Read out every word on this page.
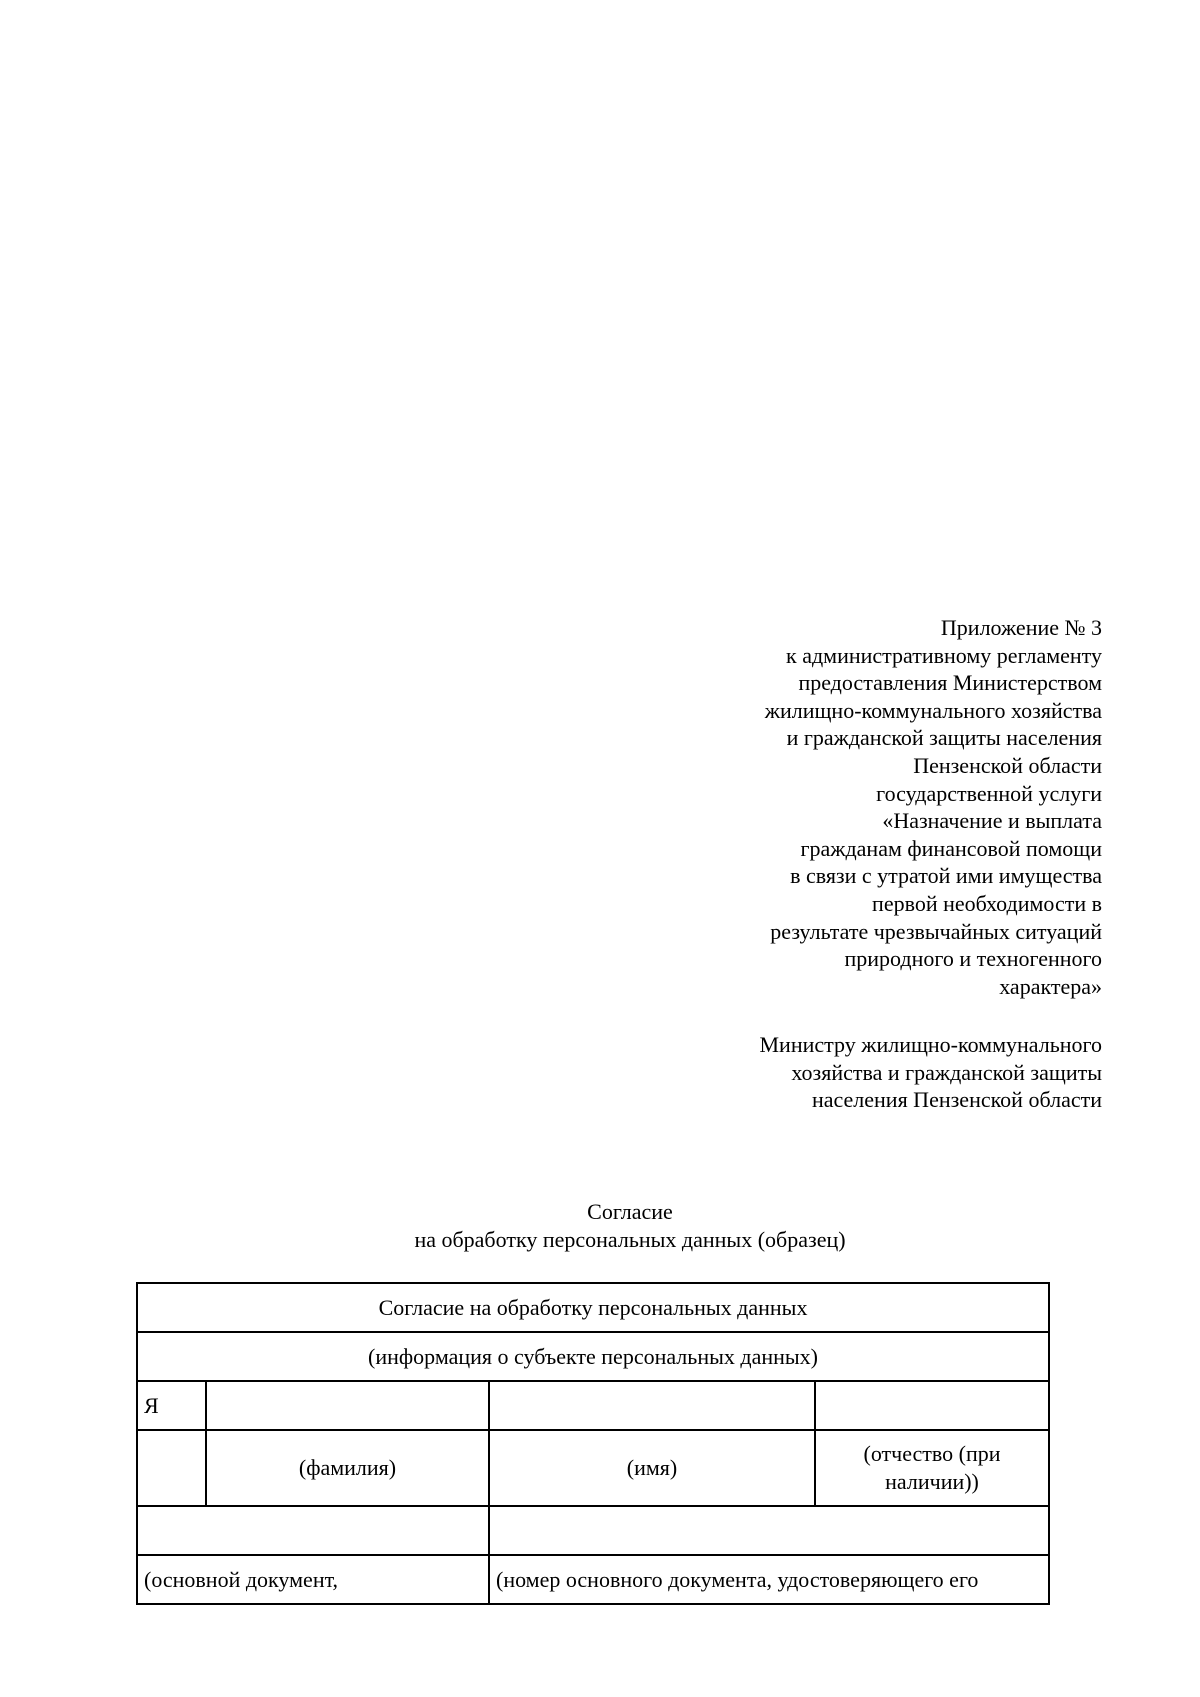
Приложение № 3
к административному регламенту
предоставления Министерством
жилищно-коммунального хозяйства
и гражданской защиты населения
Пензенской области
государственной услуги
«Назначение и выплата
гражданам финансовой помощи
в связи с утратой ими имущества
первой необходимости в
результате чрезвычайных ситуаций
природного и техногенного
характера»
Министру жилищно-коммунального
хозяйства и гражданской защиты
населения Пензенской области
Согласие
на обработку персональных данных (образец)
Согласие на обработку персональных данных			
(информация о субъекте персональных данных)			
Я			
	(фамилия)	(имя)	(отчество (при наличии))

(основной документ,		(номер основного документа, удостоверяющего его	
